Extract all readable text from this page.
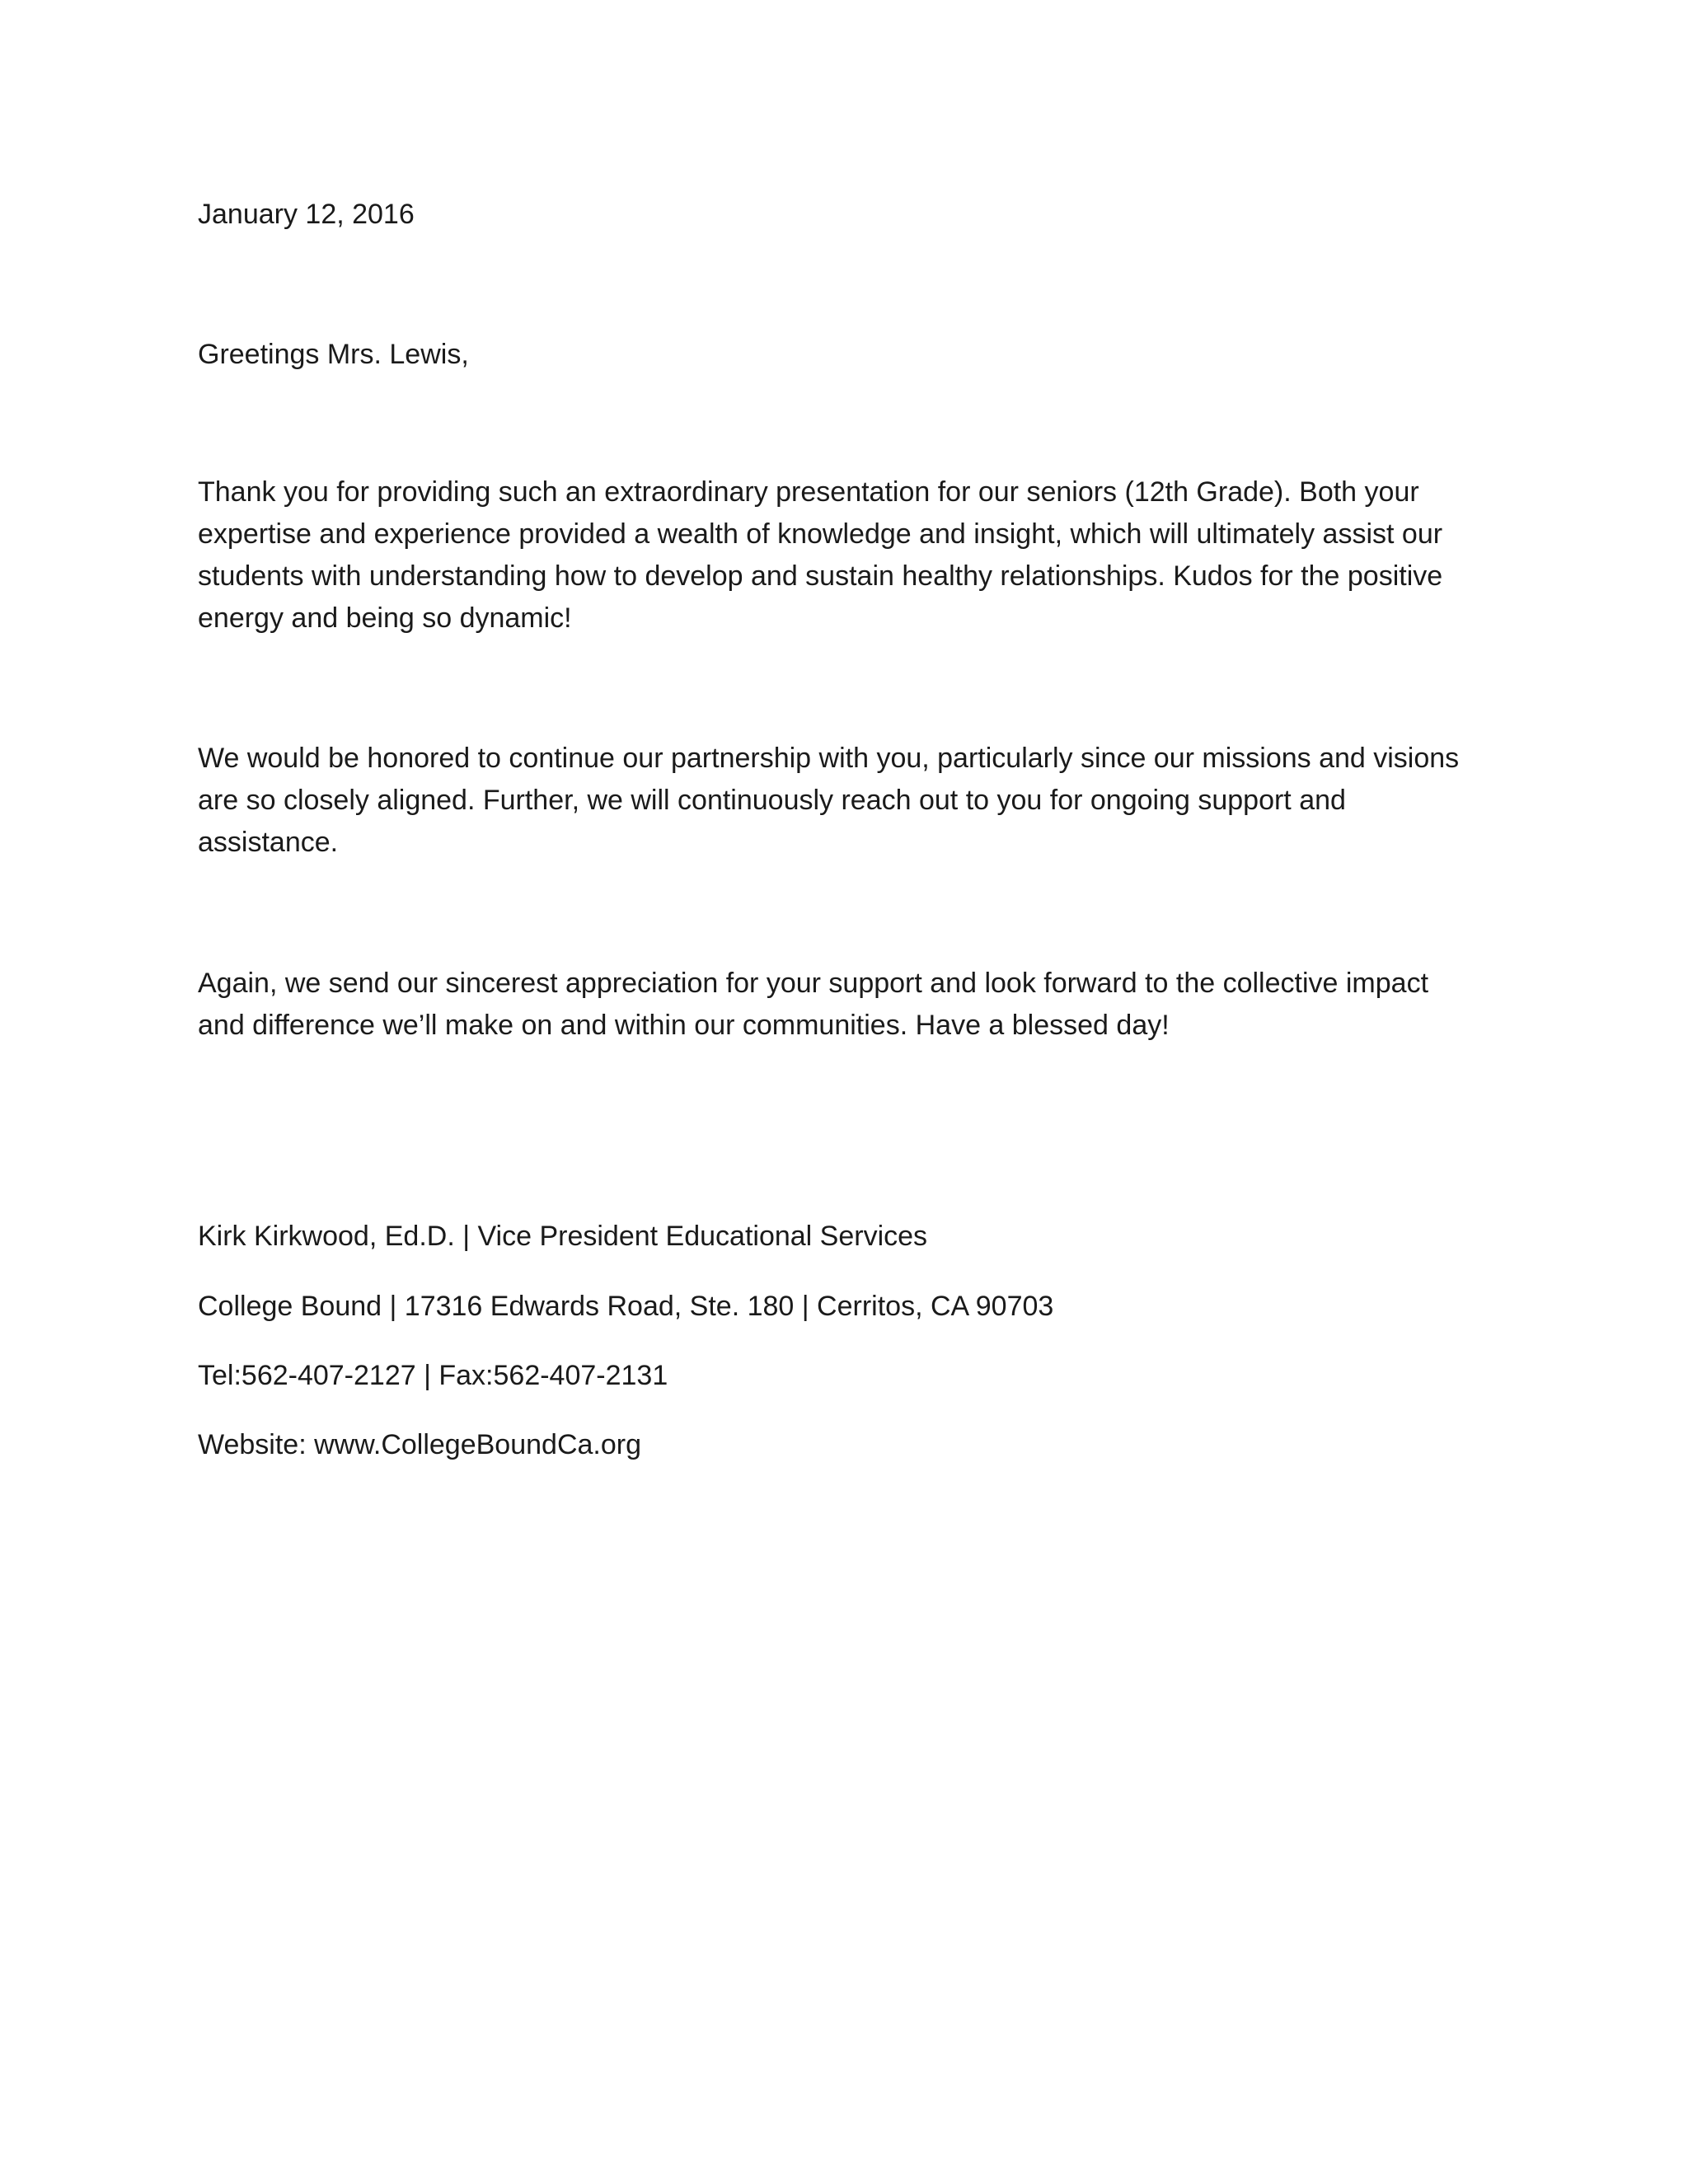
January 12, 2016

Greetings Mrs. Lewis,

Thank you for providing such an extraordinary presentation for our seniors (12th Grade). Both your

expertise and experience provided a wealth of knowledge and insight, which will ultimately assist our

students with understanding how to develop and sustain healthy relationships. Kudos for the positive

energy and being so dynamic!

We would be honored to continue our partnership with you, particularly since our missions and visions

are so closely aligned. Further, we will continuously reach out to you for ongoing support and

assistance.

Again, we send our sincerest appreciation for your support and look forward to the collective impact

and difference we’ll make on and within our communities. Have a blessed day!

Kirk Kirkwood, Ed.D. | Vice President Educational Services

College Bound | 17316 Edwards Road, Ste. 180 | Cerritos, CA 90703

Tel:562-407-2127 | Fax:562-407-2131

Website: www.CollegeBoundCa.org
